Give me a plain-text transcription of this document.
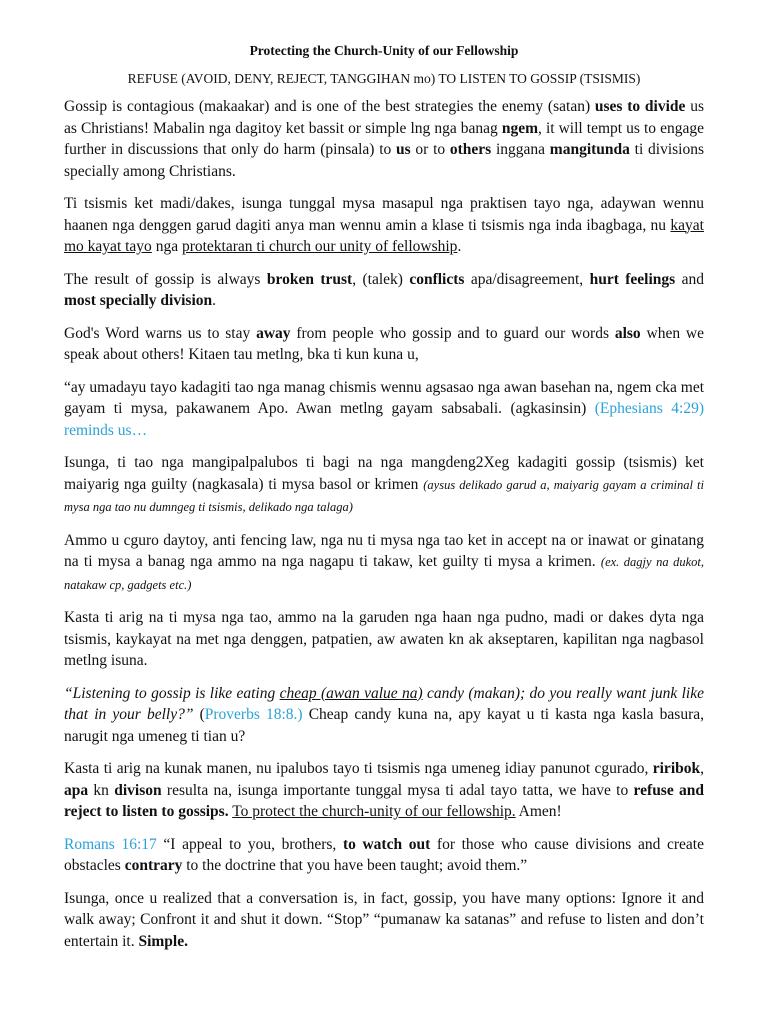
Protecting the Church-Unity of our Fellowship
REFUSE (AVOID, DENY, REJECT, TANGGIHAN mo) TO LISTEN TO GOSSIP (TSISMIS)

Gossip is contagious (makaakar) and is one of the best strategies the enemy (satan) uses to divide us as Christians! Mabalin nga dagitoy ket bassit or simple lng nga banag ngem, it will tempt us to engage further in discussions that only do harm (pinsala) to us or to others inggana mangitunda ti divisions specially among Christians.

Ti tsismis ket madi/dakes, isunga tunggal mysa masapul nga praktisen tayo nga, adaywan wennu haanen nga denggen garud dagiti anya man wennu amin a klase ti tsismis nga inda ibagbaga, nu kayat mo kayat tayo nga protektaran ti church our unity of fellowship.

The result of gossip is always broken trust, (talek) conflicts apa/disagreement, hurt feelings and most specially division.

God's Word warns us to stay away from people who gossip and to guard our words also when we speak about others! Kitaen tau metlng, bka ti kun kuna u,

“ay umadayu tayo kadagiti tao nga manag chismis wennu agsasao nga awan basehan na, ngem cka met gayam ti mysa, pakawanem Apo. Awan metlng gayam sabsabali. (agkasinsin) (Ephesians 4:29) reminds us…

Isunga, ti tao nga mangipalpalubos ti bagi na nga mangdeng2Xeg kadagiti gossip (tsismis) ket maiyarig nga guilty (nagkasala) ti mysa basol or krimen (aysus delikado garud a, maiyarig gayam a criminal ti mysa nga tao nu dumngeg ti tsismis, delikado nga talaga)

Ammo u cguro daytoy, anti fencing law, nga nu ti mysa nga tao ket in accept na or inawat or ginatang na ti mysa a banag nga ammo na nga nagapu ti takaw, ket guilty ti mysa a krimen. (ex. dagjy na dukot, natakaw cp, gadgets etc.)

Kasta ti arig na ti mysa nga tao, ammo na la garuden nga haan nga pudno, madi or dakes dyta nga tsismis, kaykayat na met nga denggen, patpatien, aw awaten kn ak akseptaren, kapilitan nga nagbasol metlng isuna.

“Listening to gossip is like eating cheap (awan value na) candy (makan); do you really want junk like that in your belly?” (Proverbs 18:8.) Cheap candy kuna na, apy kayat u ti kasta nga kasla basura, narugit nga umeneg ti tian u?

Kasta ti arig na kunak manen, nu ipalubos tayo ti tsismis nga umeneg idiay panunot cgurado, riribok, apa kn divison resulta na, isunga importante tunggal mysa ti adal tayo tatta, we have to refuse and reject to listen to gossips. To protect the church-unity of our fellowship. Amen!

Romans 16:17 “I appeal to you, brothers, to watch out for those who cause divisions and create obstacles contrary to the doctrine that you have been taught; avoid them.”

Isunga, once u realized that a conversation is, in fact, gossip, you have many options: Ignore it and walk away; Confront it and shut it down. “Stop” “pumanaw ka satanas” and refuse to listen and don’t entertain it. Simple.
